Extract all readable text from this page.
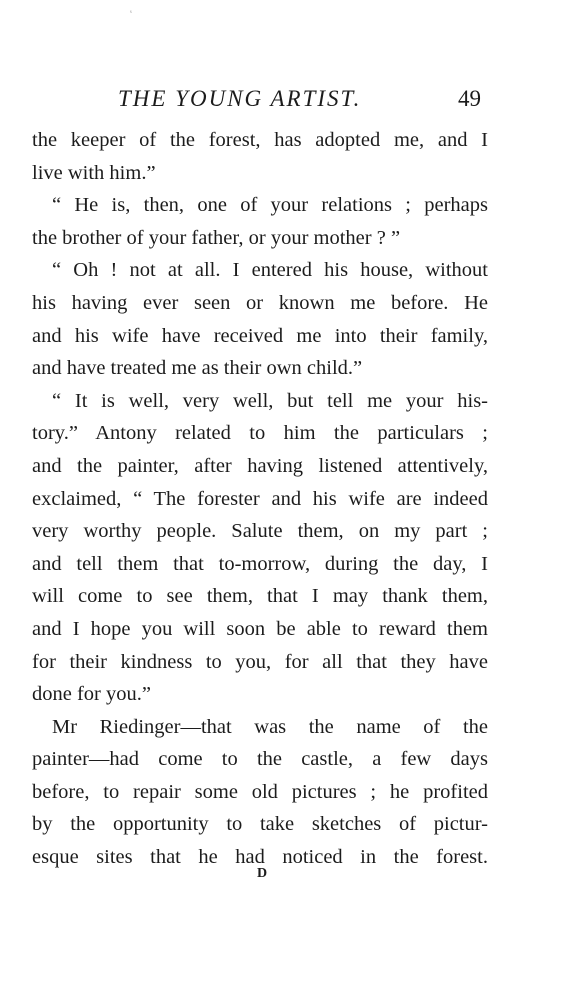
ˢ
THE YOUNG ARTIST.	49
the keeper of the forest, has adopted me, and I
live with him.”
“ He is, then, one of your relations ; perhaps
the brother of your father, or your mother ? ”
“ Oh ! not at all. I entered his house, without
his having ever seen or known me before. He
and his wife have received me into their family,
and have treated me as their own child.”
“ It is well, very well, but tell me your his-
tory.” Antony related to him the particulars ;
and the painter, after having listened attentively,
exclaimed, “ The forester and his wife are indeed
very worthy people. Salute them, on my part ;
and tell them that to-morrow, during the day, I
will come to see them, that I may thank them,
and I hope you will soon be able to reward them
for their kindness to you, for all that they have
done for you.”
Mr Riedinger—that was the name of the
painter—had come to the castle, a few days
before, to repair some old pictures ; he profited
by the opportunity to take sketches of pictur-
esque sites that he had noticed in the forest.
D
